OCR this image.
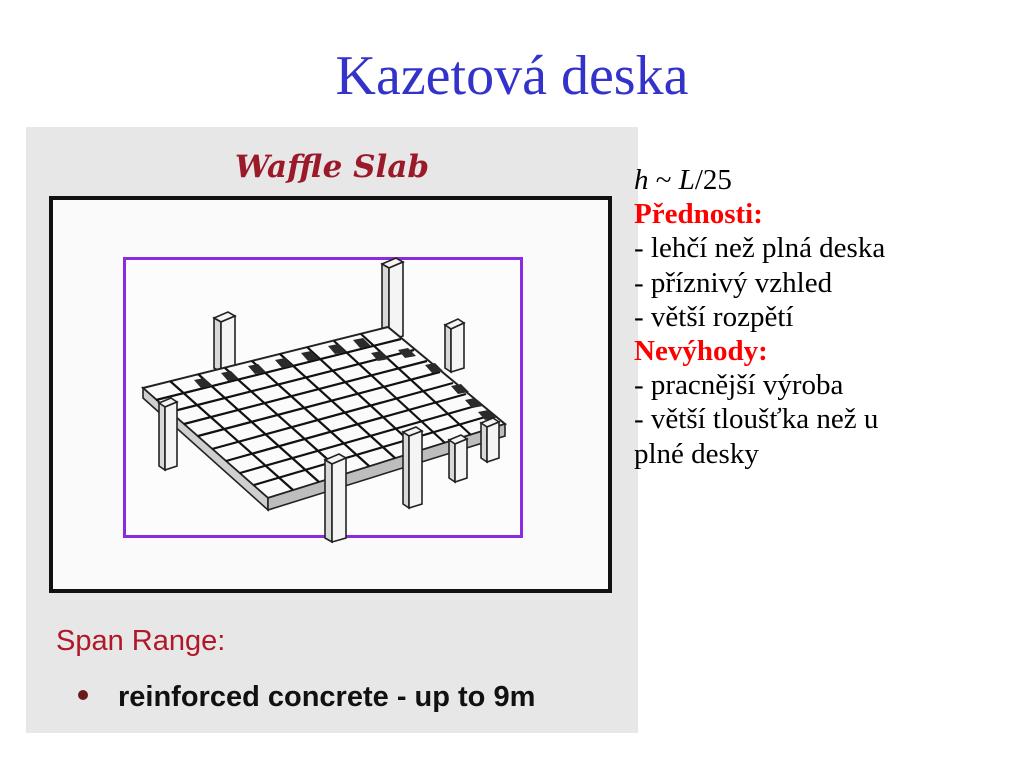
Kazetová deska
Waffle Slab
Span Range:
reinforced concrete - up to 9m
h ~ L/25
Přednosti:
- lehčí než plná deska
- příznivý vzhled
- větší rozpětí
Nevýhody:
- pracnější výroba
- větší tloušťka než u
plné desky
